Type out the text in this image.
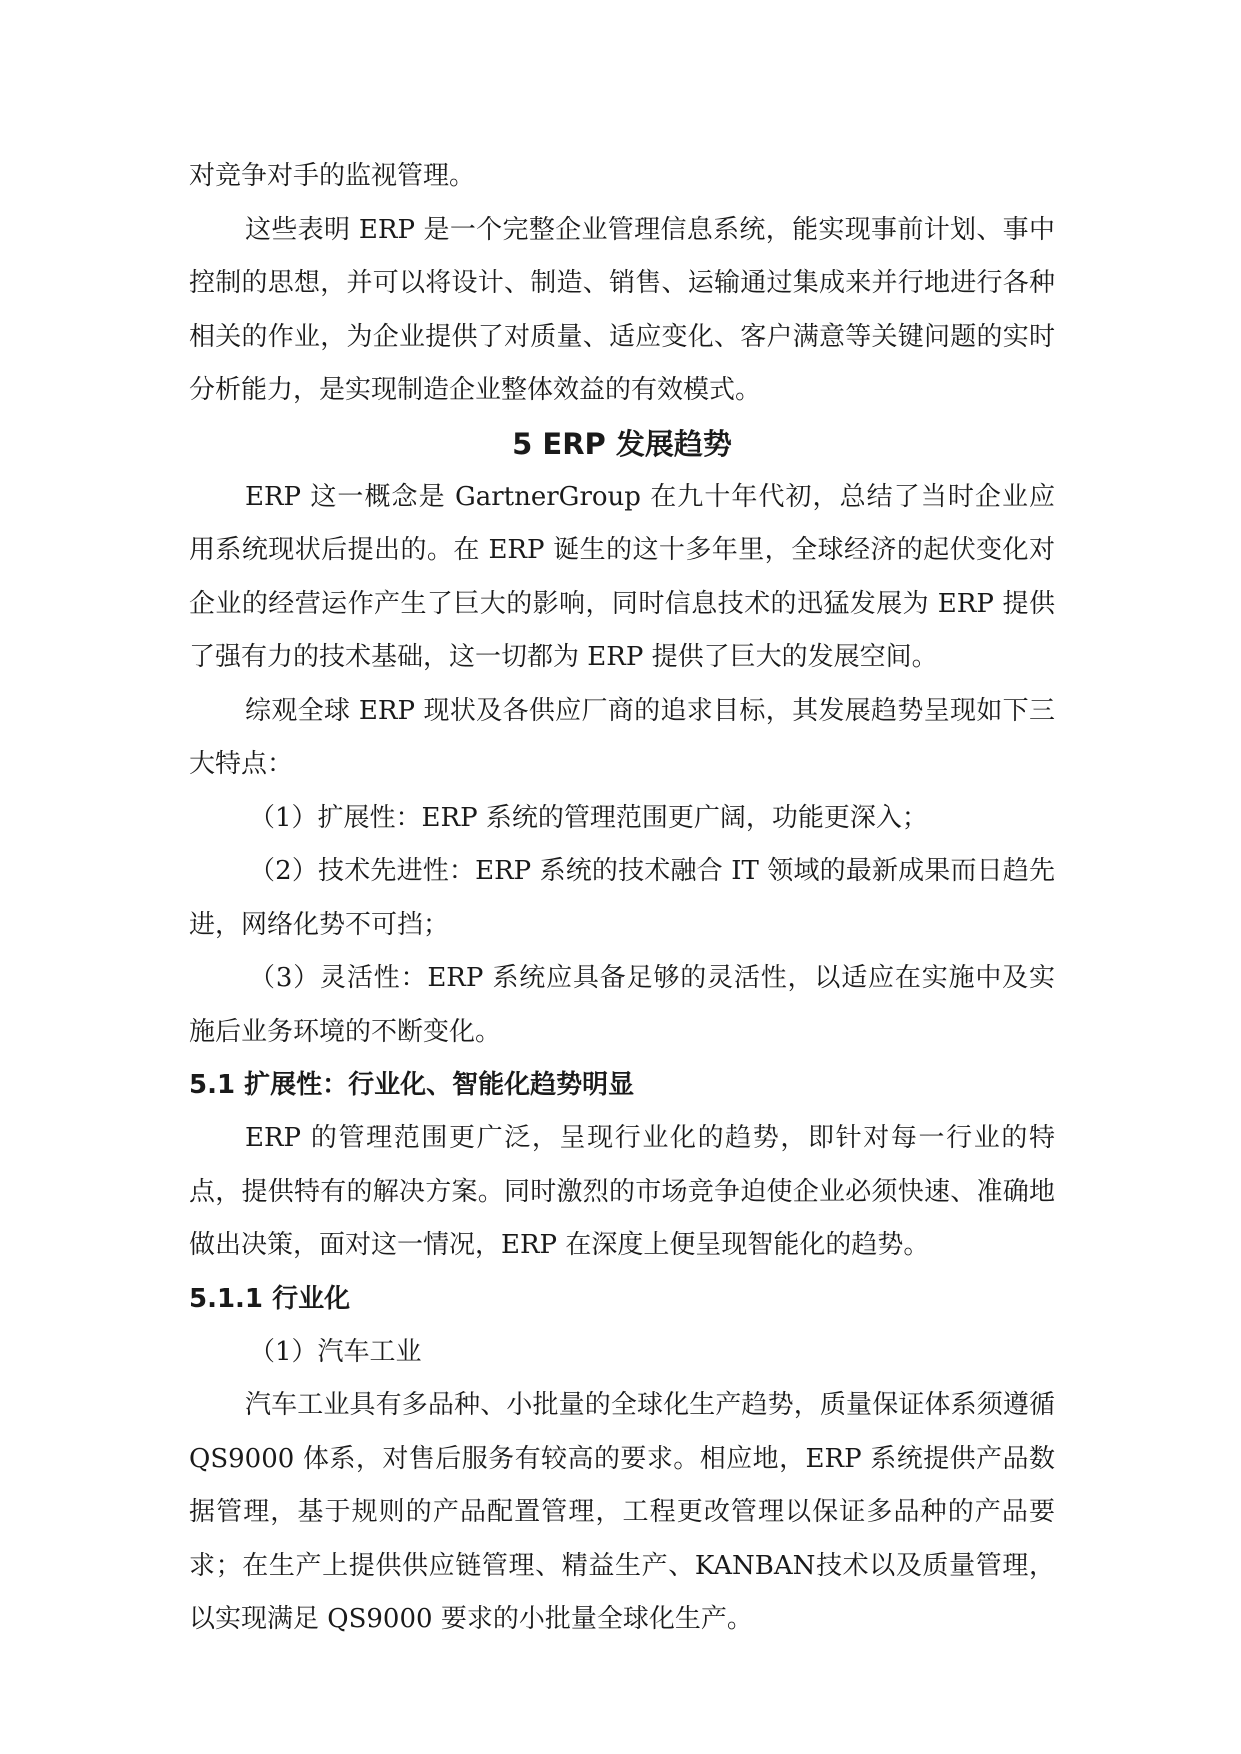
对竞争对手的监视管理。

这些表明 ERP 是一个完整企业管理信息系统，能实现事前计划、事中控制的思想，并可以将设计、制造、销售、运输通过集成来并行地进行各种相关的作业，为企业提供了对质量、适应变化、客户满意等关键问题的实时分析能力，是实现制造企业整体效益的有效模式。

5 ERP 发展趋势

ERP 这一概念是 GartnerGroup 在九十年代初，总结了当时企业应用系统现状后提出的。在 ERP 诞生的这十多年里，全球经济的起伏变化对企业的经营运作产生了巨大的影响，同时信息技术的迅猛发展为 ERP 提供了强有力的技术基础，这一切都为 ERP 提供了巨大的发展空间。

综观全球 ERP 现状及各供应厂商的追求目标，其发展趋势呈现如下三大特点：

（1）扩展性：ERP 系统的管理范围更广阔，功能更深入；

（2）技术先进性：ERP 系统的技术融合 IT 领域的最新成果而日趋先进，网络化势不可挡；

（3）灵活性：ERP 系统应具备足够的灵活性，以适应在实施中及实施后业务环境的不断变化。

5.1 扩展性：行业化、智能化趋势明显

ERP 的管理范围更广泛，呈现行业化的趋势，即针对每一行业的特点，提供特有的解决方案。同时激烈的市场竞争迫使企业必须快速、准确地做出决策，面对这一情况，ERP 在深度上便呈现智能化的趋势。

5.1.1 行业化

（1）汽车工业

汽车工业具有多品种、小批量的全球化生产趋势，质量保证体系须遵循 QS9000 体系，对售后服务有较高的要求。相应地，ERP 系统提供产品数据管理，基于规则的产品配置管理，工程更改管理以保证多品种的产品要求；在生产上提供供应链管理、精益生产、KANBAN技术以及质量管理，以实现满足 QS9000 要求的小批量全球化生产。
